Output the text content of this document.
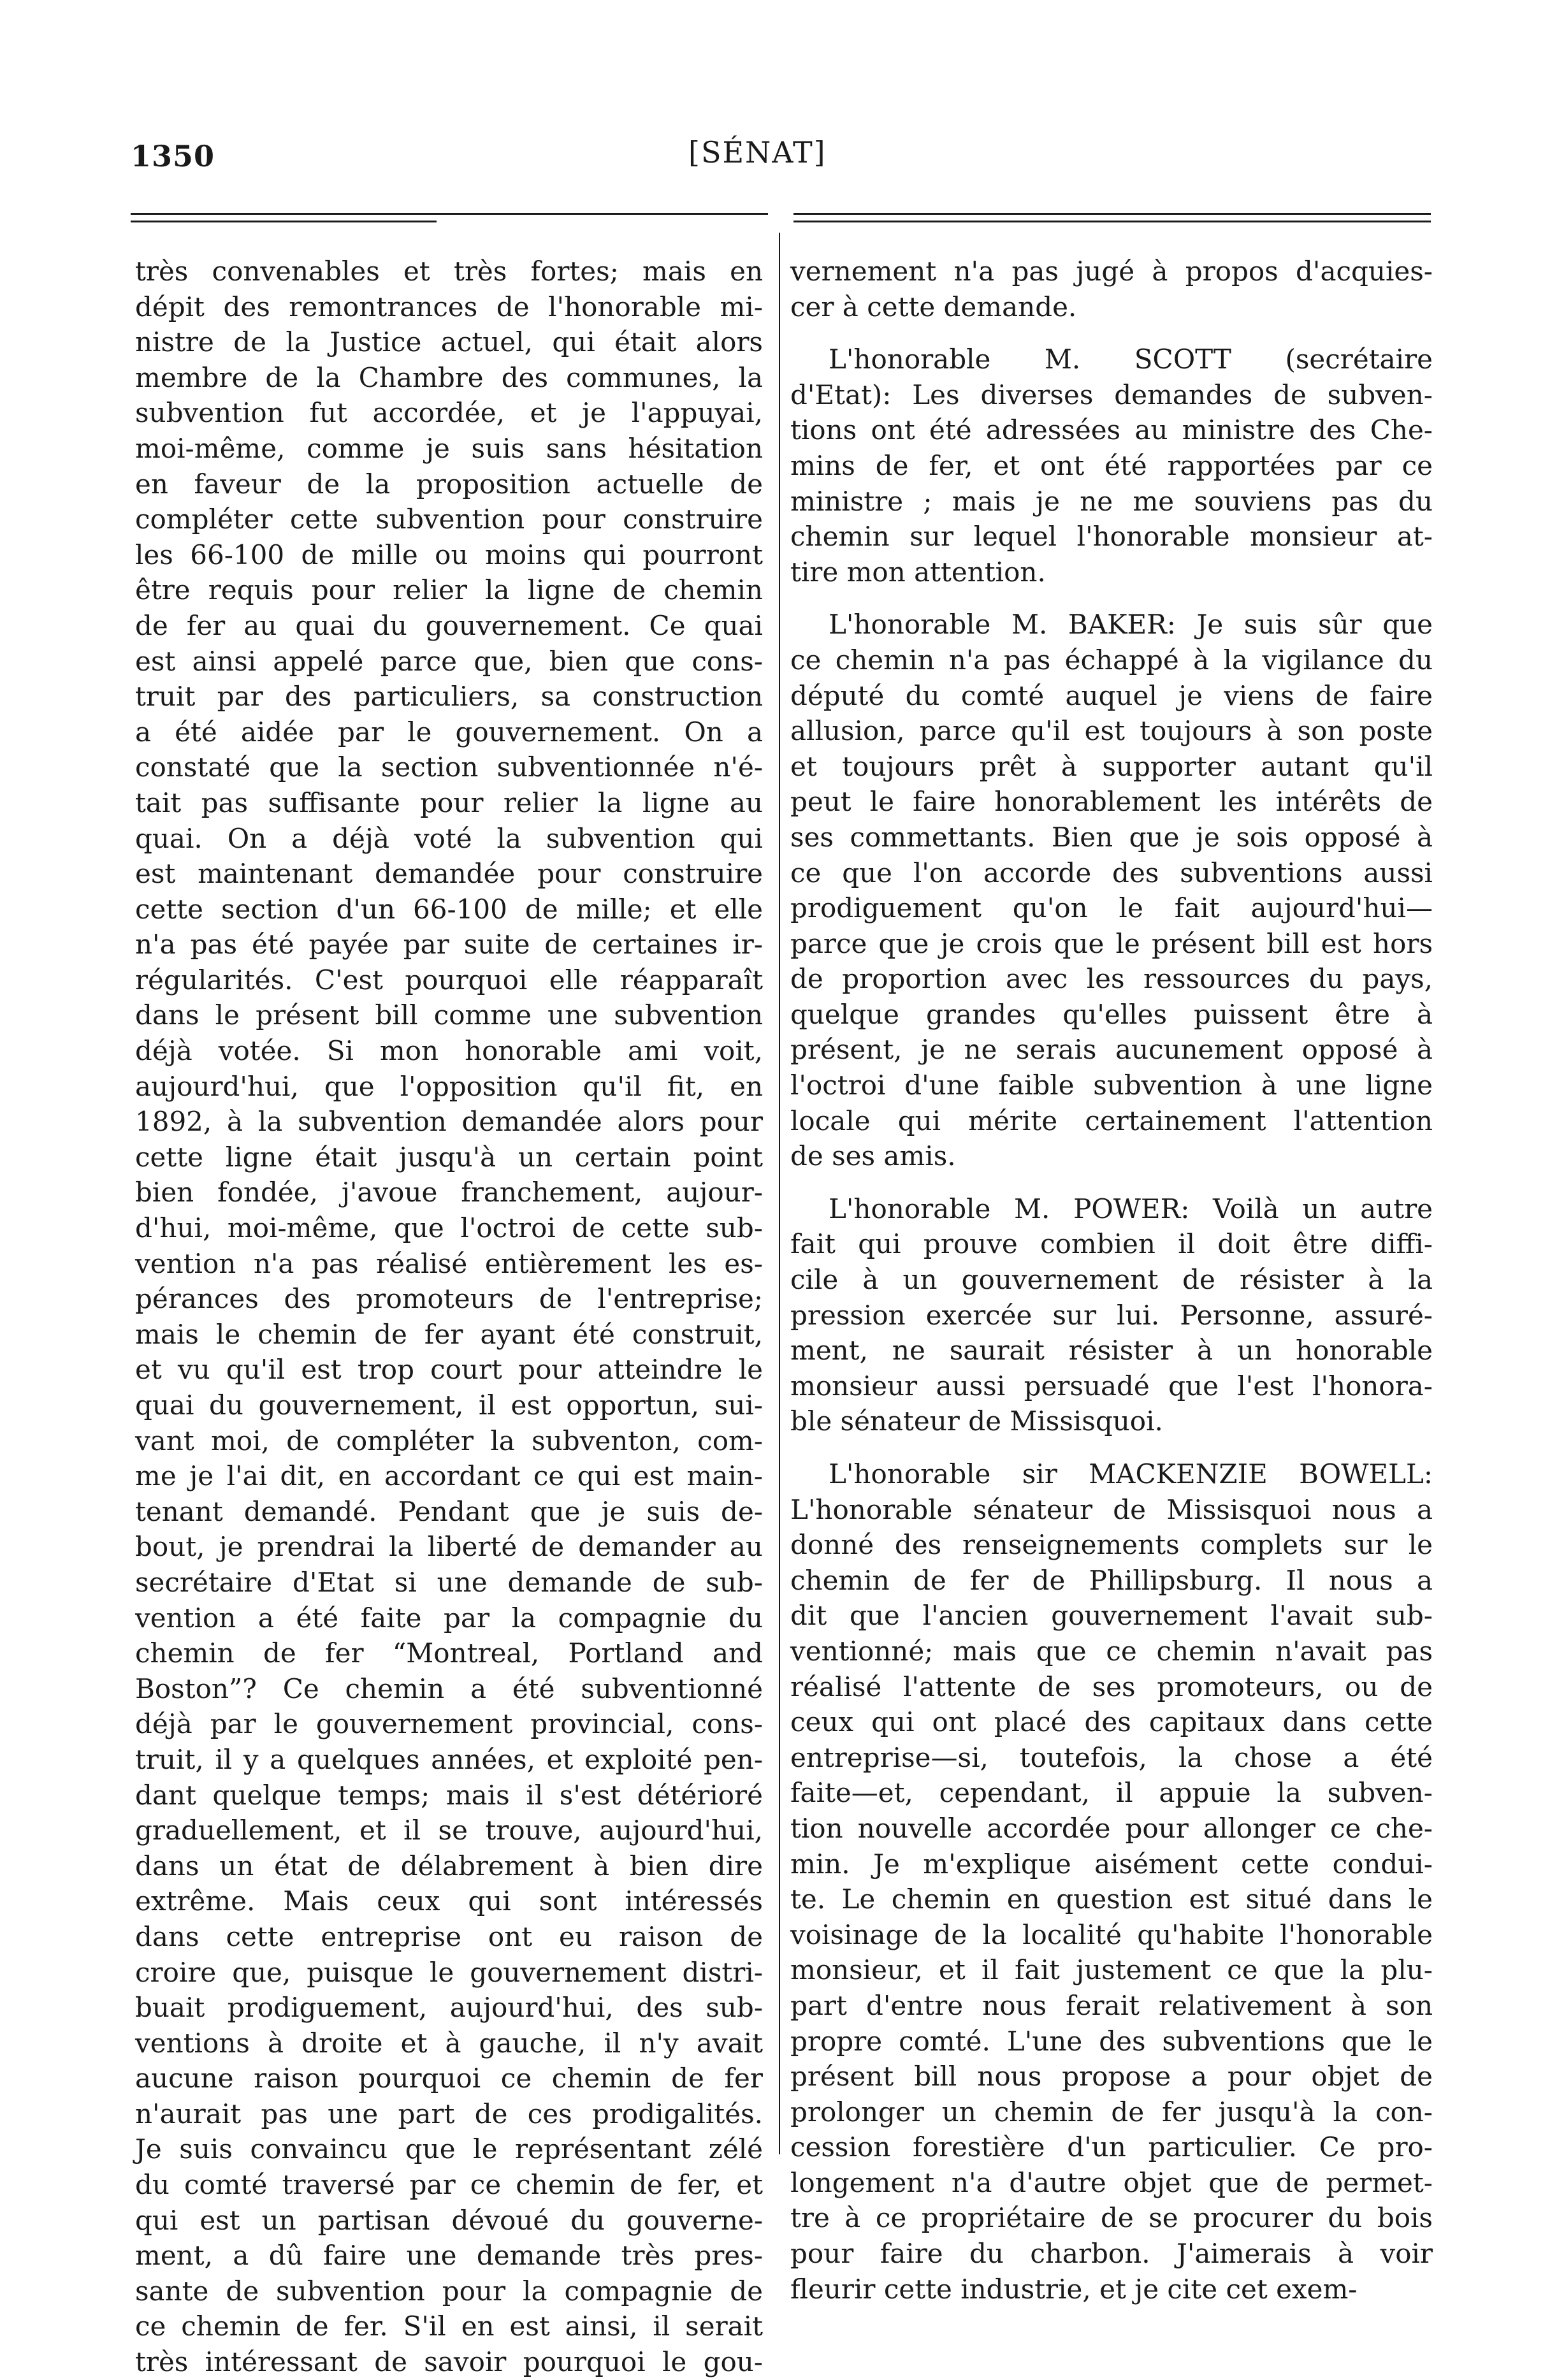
1350	[SÉNAT]
très convenables et très fortes; mais en
dépit des remontrances de l'honorable mi-
nistre de la Justice actuel, qui était alors
membre de la Chambre des communes, la
subvention fut accordée, et je l'appuyai,
moi-même, comme je suis sans hésitation
en faveur de la proposition actuelle de
compléter cette subvention pour construire
les 66-100 de mille ou moins qui pourront
être requis pour relier la ligne de chemin
de fer au quai du gouvernement. Ce quai
est ainsi appelé parce que, bien que cons-
truit par des particuliers, sa construction
a été aidée par le gouvernement. On a
constaté que la section subventionnée n'é-
tait pas suffisante pour relier la ligne au
quai. On a déjà voté la subvention qui
est maintenant demandée pour construire
cette section d'un 66-100 de mille; et elle
n'a pas été payée par suite de certaines ir-
régularités. C'est pourquoi elle réapparaît
dans le présent bill comme une subvention
déjà votée. Si mon honorable ami voit,
aujourd'hui, que l'opposition qu'il fit, en
1892, à la subvention demandée alors pour
cette ligne était jusqu'à un certain point
bien fondée, j'avoue franchement, aujour-
d'hui, moi-même, que l'octroi de cette sub-
vention n'a pas réalisé entièrement les es-
pérances des promoteurs de l'entreprise;
mais le chemin de fer ayant été construit,
et vu qu'il est trop court pour atteindre le
quai du gouvernement, il est opportun, sui-
vant moi, de compléter la subventon, com-
me je l'ai dit, en accordant ce qui est main-
tenant demandé. Pendant que je suis de-
bout, je prendrai la liberté de demander au
secrétaire d'Etat si une demande de sub-
vention a été faite par la compagnie du
chemin de fer “Montreal, Portland and
Boston”? Ce chemin a été subventionné
déjà par le gouvernement provincial, cons-
truit, il y a quelques années, et exploité pen-
dant quelque temps; mais il s'est détérioré
graduellement, et il se trouve, aujourd'hui,
dans un état de délabrement à bien dire
extrême. Mais ceux qui sont intéressés
dans cette entreprise ont eu raison de
croire que, puisque le gouvernement distri-
buait prodiguement, aujourd'hui, des sub-
ventions à droite et à gauche, il n'y avait
aucune raison pourquoi ce chemin de fer
n'aurait pas une part de ces prodigalités.
Je suis convaincu que le représentant zélé
du comté traversé par ce chemin de fer, et
qui est un partisan dévoué du gouverne-
ment, a dû faire une demande très pres-
sante de subvention pour la compagnie de
ce chemin de fer. S'il en est ainsi, il serait
très intéressant de savoir pourquoi le gou-
vernement n'a pas jugé à propos d'acquies-
cer à cette demande.
L'honorable M. SCOTT (secrétaire
d'Etat): Les diverses demandes de subven-
tions ont été adressées au ministre des Che-
mins de fer, et ont été rapportées par ce
ministre ; mais je ne me souviens pas du
chemin sur lequel l'honorable monsieur at-
tire mon attention.
L'honorable M. BAKER: Je suis sûr que
ce chemin n'a pas échappé à la vigilance du
député du comté auquel je viens de faire
allusion, parce qu'il est toujours à son poste
et toujours prêt à supporter autant qu'il
peut le faire honorablement les intérêts de
ses commettants. Bien que je sois opposé à
ce que l'on accorde des subventions aussi
prodiguement qu'on le fait aujourd'hui—
parce que je crois que le présent bill est hors
de proportion avec les ressources du pays,
quelque grandes qu'elles puissent être à
présent, je ne serais aucunement opposé à
l'octroi d'une faible subvention à une ligne
locale qui mérite certainement l'attention
de ses amis.
L'honorable M. POWER: Voilà un autre
fait qui prouve combien il doit être diffi-
cile à un gouvernement de résister à la
pression exercée sur lui. Personne, assuré-
ment, ne saurait résister à un honorable
monsieur aussi persuadé que l'est l'honora-
ble sénateur de Missisquoi.
L'honorable sir MACKENZIE BOWELL:
L'honorable sénateur de Missisquoi nous a
donné des renseignements complets sur le
chemin de fer de Phillipsburg. Il nous a
dit que l'ancien gouvernement l'avait sub-
ventionné; mais que ce chemin n'avait pas
réalisé l'attente de ses promoteurs, ou de
ceux qui ont placé des capitaux dans cette
entreprise—si, toutefois, la chose a été
faite—et, cependant, il appuie la subven-
tion nouvelle accordée pour allonger ce che-
min. Je m'explique aisément cette condui-
te. Le chemin en question est situé dans le
voisinage de la localité qu'habite l'honorable
monsieur, et il fait justement ce que la plu-
part d'entre nous ferait relativement à son
propre comté. L'une des subventions que le
présent bill nous propose a pour objet de
prolonger un chemin de fer jusqu'à la con-
cession forestière d'un particulier. Ce pro-
longement n'a d'autre objet que de permet-
tre à ce propriétaire de se procurer du bois
pour faire du charbon. J'aimerais à voir
fleurir cette industrie, et je cite cet exem-
